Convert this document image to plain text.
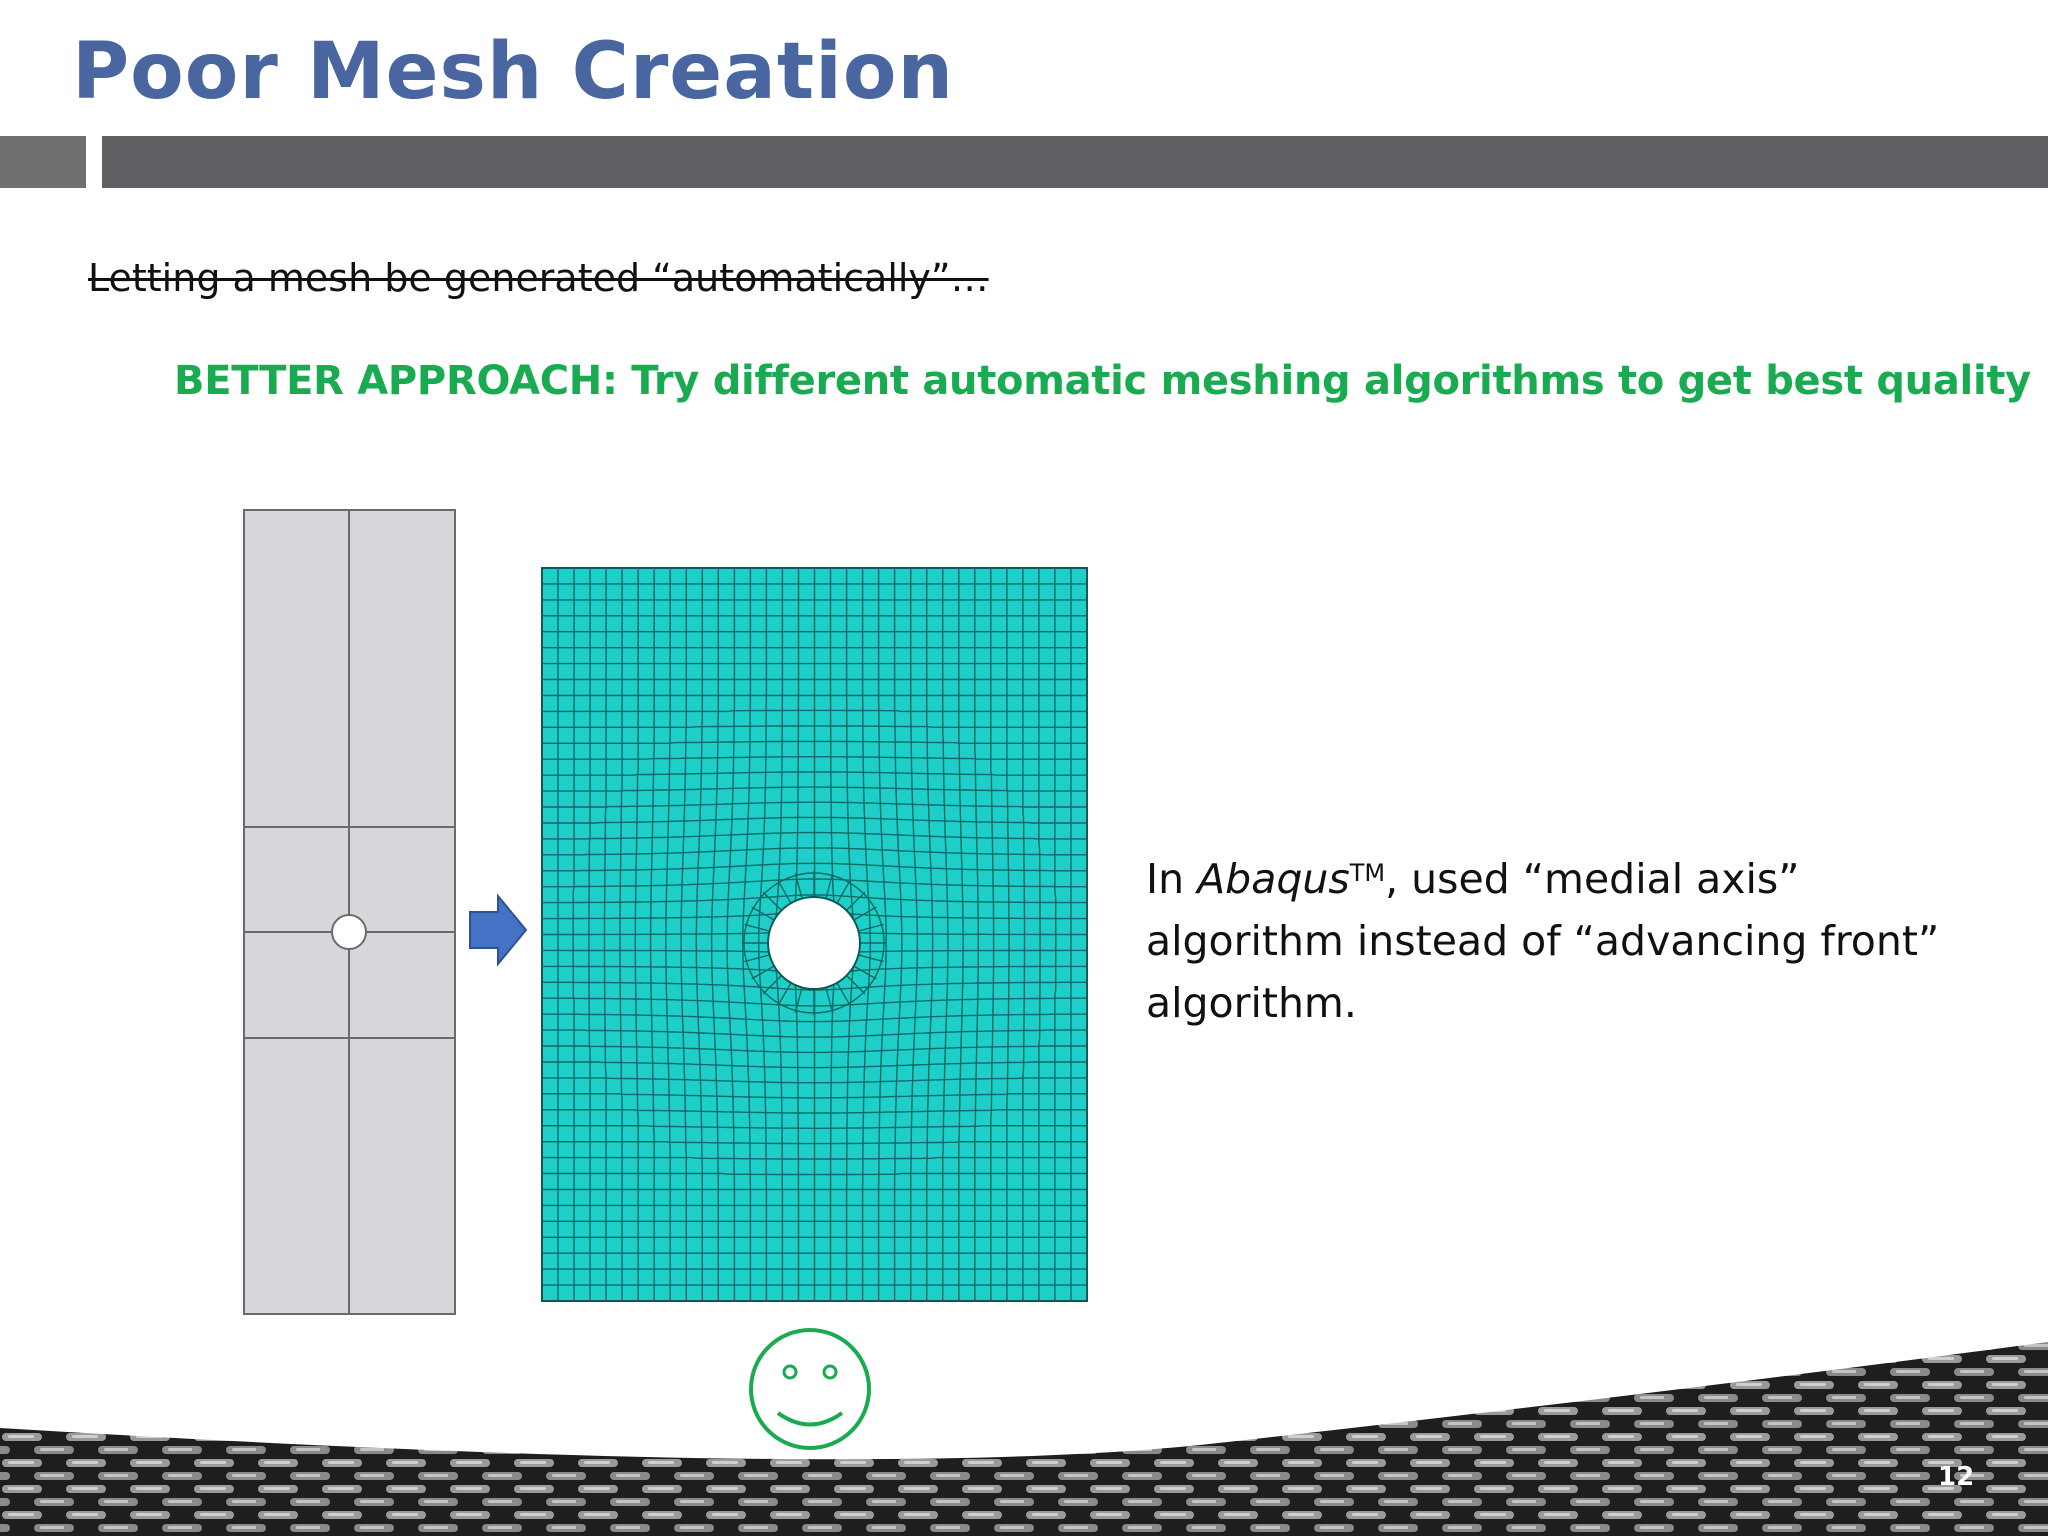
Poor Mesh Creation
Letting a mesh be generated “automatically”…
BETTER APPROACH: Try different automatic meshing algorithms to get best quality
In Abaqus™, used “medial axis” algorithm instead of “advancing front” algorithm.
12
